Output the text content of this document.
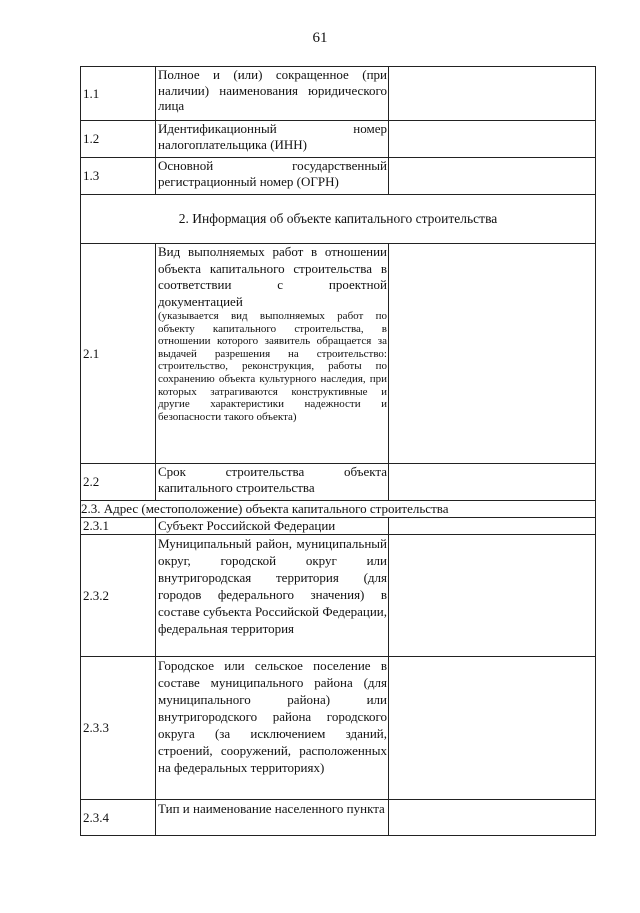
61
1.1	Полное и (или) сокращенное (при наличии) наименования юридического лица	
1.2	Идентификационный номер налогоплательщика (ИНН)	
1.3	Основной государственный регистрационный номер (ОГРН)	
2. Информация об объекте капитального строительства		
2.1	Вид выполняемых работ в отношении объекта капитального строительства в соответствии с проектной документацией
(указывается вид выполняемых работ по объекту капитального строительства, в отношении которого заявитель обращается за выдачей разрешения на строительство: строительство, реконструкция, работы по сохранению объекта культурного наследия, при которых затрагиваются конструктивные и другие характеристики надежности и безопасности такого объекта)	

2.2	Срок строительства объекта капитального строительства	
2.3. Адрес (местоположение) объекта капитального строительства		
2.3.1	Субъект Российской Федерации	
2.3.2	Муниципальный район, муниципальный округ, городской округ или внутригородская территория (для городов федерального значения) в составе субъекта Российской Федерации, федеральная территория	
2.3.3	Городское или сельское поселение в составе муниципального района (для муниципального района) или внутригородского района городского округа (за исключением зданий, строений, сооружений, расположенных на федеральных территориях)	
2.3.4	Тип и наименование населенного пункта	
